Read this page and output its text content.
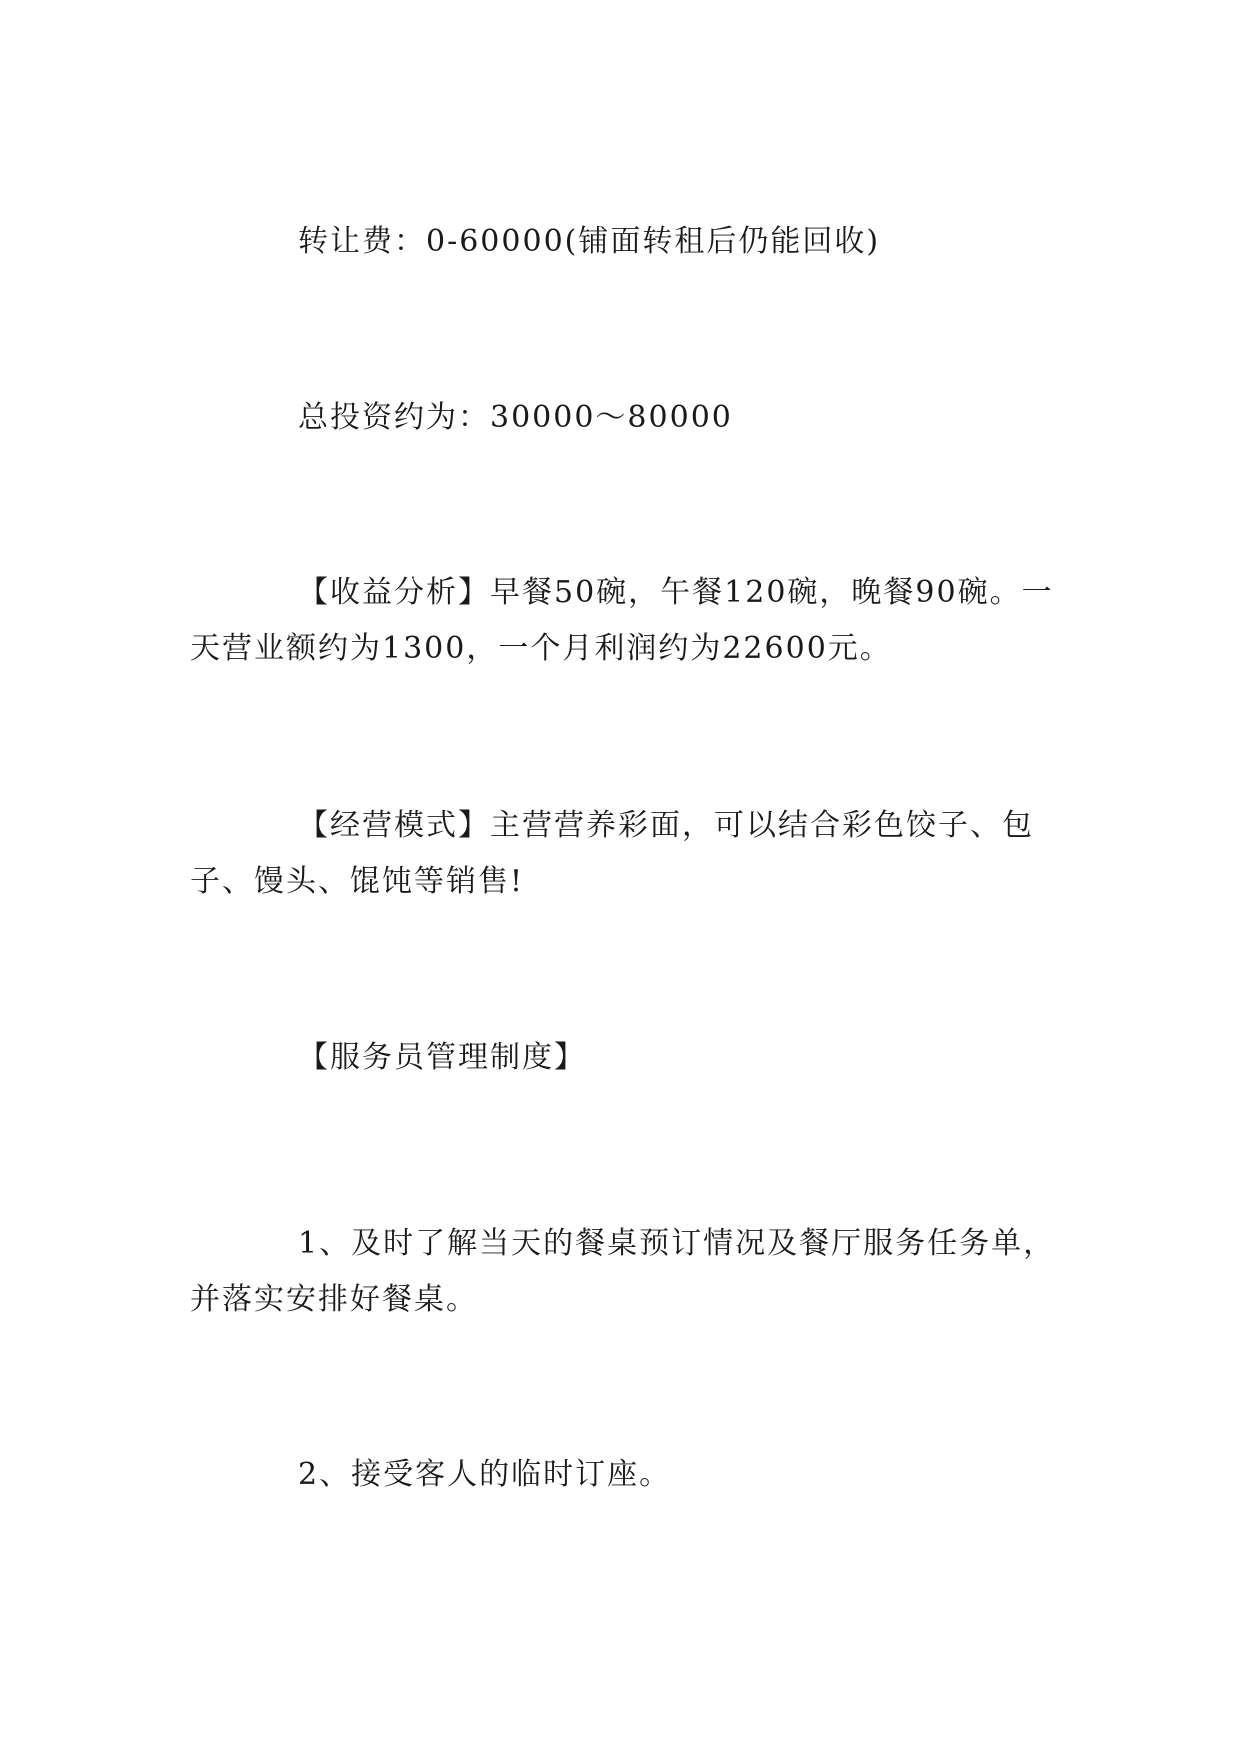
转让费：0-60000(铺面转租后仍能回收)

总投资约为：30000～80000

【收益分析】早餐50碗，午餐120碗，晚餐90碗。一天营业额约为1300，一个月利润约为22600元。

【经营模式】主营营养彩面，可以结合彩色饺子、包子、馒头、馄饨等销售!

【服务员管理制度】

1、及时了解当天的餐桌预订情况及餐厅服务任务单，并落实安排好餐桌。

2、接受客人的临时订座。
